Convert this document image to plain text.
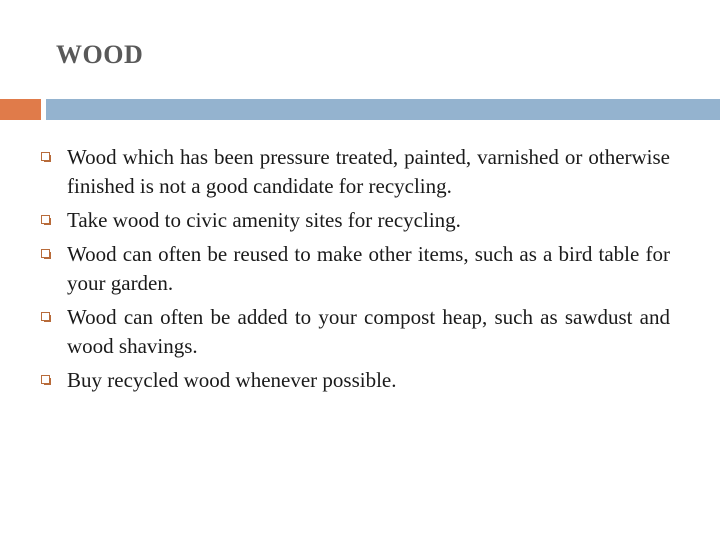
WOOD
Wood which has been pressure treated, painted, varnished or otherwise finished is not a good candidate for recycling.
Take wood to civic amenity sites for recycling.
Wood can often be reused to make other items, such as a bird table for your garden.
Wood can often be added to your compost heap, such as sawdust and wood shavings.
Buy recycled wood whenever possible.
